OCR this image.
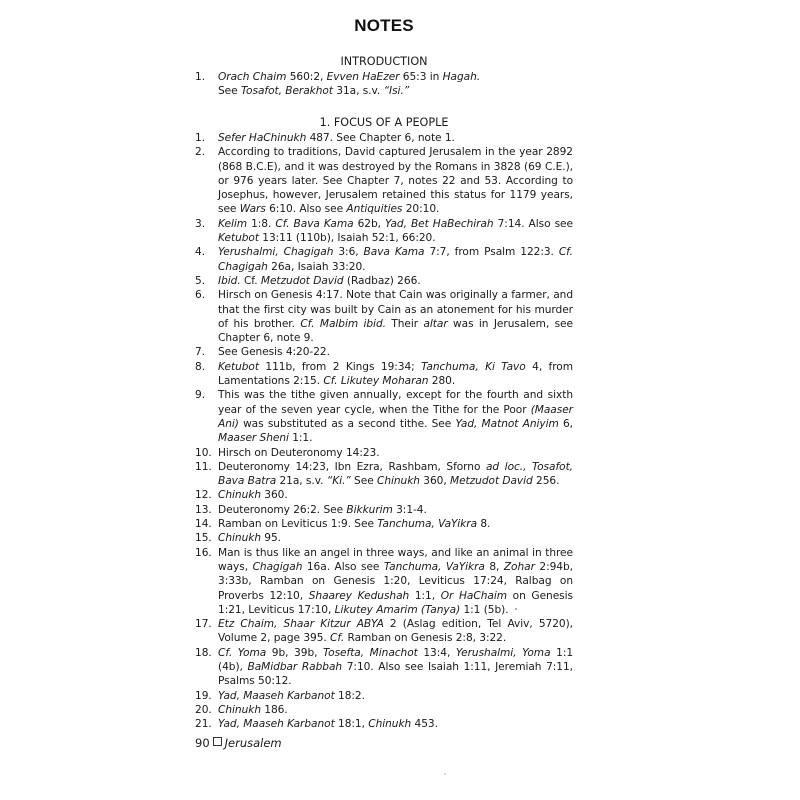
NOTES
INTRODUCTION
1. Orach Chaim 560:2, Evven HaEzer 65:3 in Hagah.
See Tosafot, Berakhot 31a, s.v. “Isi.”
1. FOCUS OF A PEOPLE
1. Sefer HaChinukh 487. See Chapter 6, note 1.
2. According to traditions, David captured Jerusalem in the year 2892 (868 B.C.E), and it was destroyed by the Romans in 3828 (69 C.E.), or 976 years later. See Chapter 7, notes 22 and 53. According to Josephus, however, Jerusalem retained this status for 1179 years, see Wars 6:10. Also see Antiquities 20:10.
3. Kelim 1:8. Cf. Bava Kama 62b, Yad, Bet HaBechirah 7:14. Also see Ketubot 13:11 (110b), Isaiah 52:1, 66:20.
4. Yerushalmi, Chagigah 3:6, Bava Kama 7:7, from Psalm 122:3. Cf. Chagigah 26a, Isaiah 33:20.
5. Ibid. Cf. Metzudot David (Radbaz) 266.
6. Hirsch on Genesis 4:17. Note that Cain was originally a farmer, and that the first city was built by Cain as an atonement for his murder of his brother. Cf. Malbim ibid. Their altar was in Jerusalem, see Chapter 6, note 9.
7. See Genesis 4:20-22.
8. Ketubot 111b, from 2 Kings 19:34; Tanchuma, Ki Tavo 4, from Lamentations 2:15. Cf. Likutey Moharan 280.
9. This was the tithe given annually, except for the fourth and sixth year of the seven year cycle, when the Tithe for the Poor (Maaser Ani) was substituted as a second tithe. See Yad, Matnot Aniyim 6, Maaser Sheni 1:1.
10. Hirsch on Deuteronomy 14:23.
11. Deuteronomy 14:23, Ibn Ezra, Rashbam, Sforno ad loc., Tosafot, Bava Batra 21a, s.v. “Ki.” See Chinukh 360, Metzudot David 256.
12. Chinukh 360.
13. Deuteronomy 26:2. See Bikkurim 3:1-4.
14. Ramban on Leviticus 1:9. See Tanchuma, VaYikra 8.
15. Chinukh 95.
16. Man is thus like an angel in three ways, and like an animal in three ways, Chagigah 16a. Also see Tanchuma, VaYikra 8, Zohar 2:94b, 3:33b, Ramban on Genesis 1:20, Leviticus 17:24, Ralbag on Proverbs 12:10, Shaarey Kedushah 1:1, Or HaChaim on Genesis 1:21, Leviticus 17:10, Likutey Amarim (Tanya) 1:1 (5b).
17. Etz Chaim, Shaar Kitzur ABYA 2 (Aslag edition, Tel Aviv, 5720), Volume 2, page 395. Cf. Ramban on Genesis 2:8, 3:22.
18. Cf. Yoma 9b, 39b, Tosefta, Minachot 13:4, Yerushalmi, Yoma 1:1 (4b), BaMidbar Rabbah 7:10. Also see Isaiah 1:11, Jeremiah 7:11, Psalms 50:12.
19. Yad, Maaseh Karbanot 18:2.
20. Chinukh 186.
21. Yad, Maaseh Karbanot 18:1, Chinukh 453.
90 Jerusalem
